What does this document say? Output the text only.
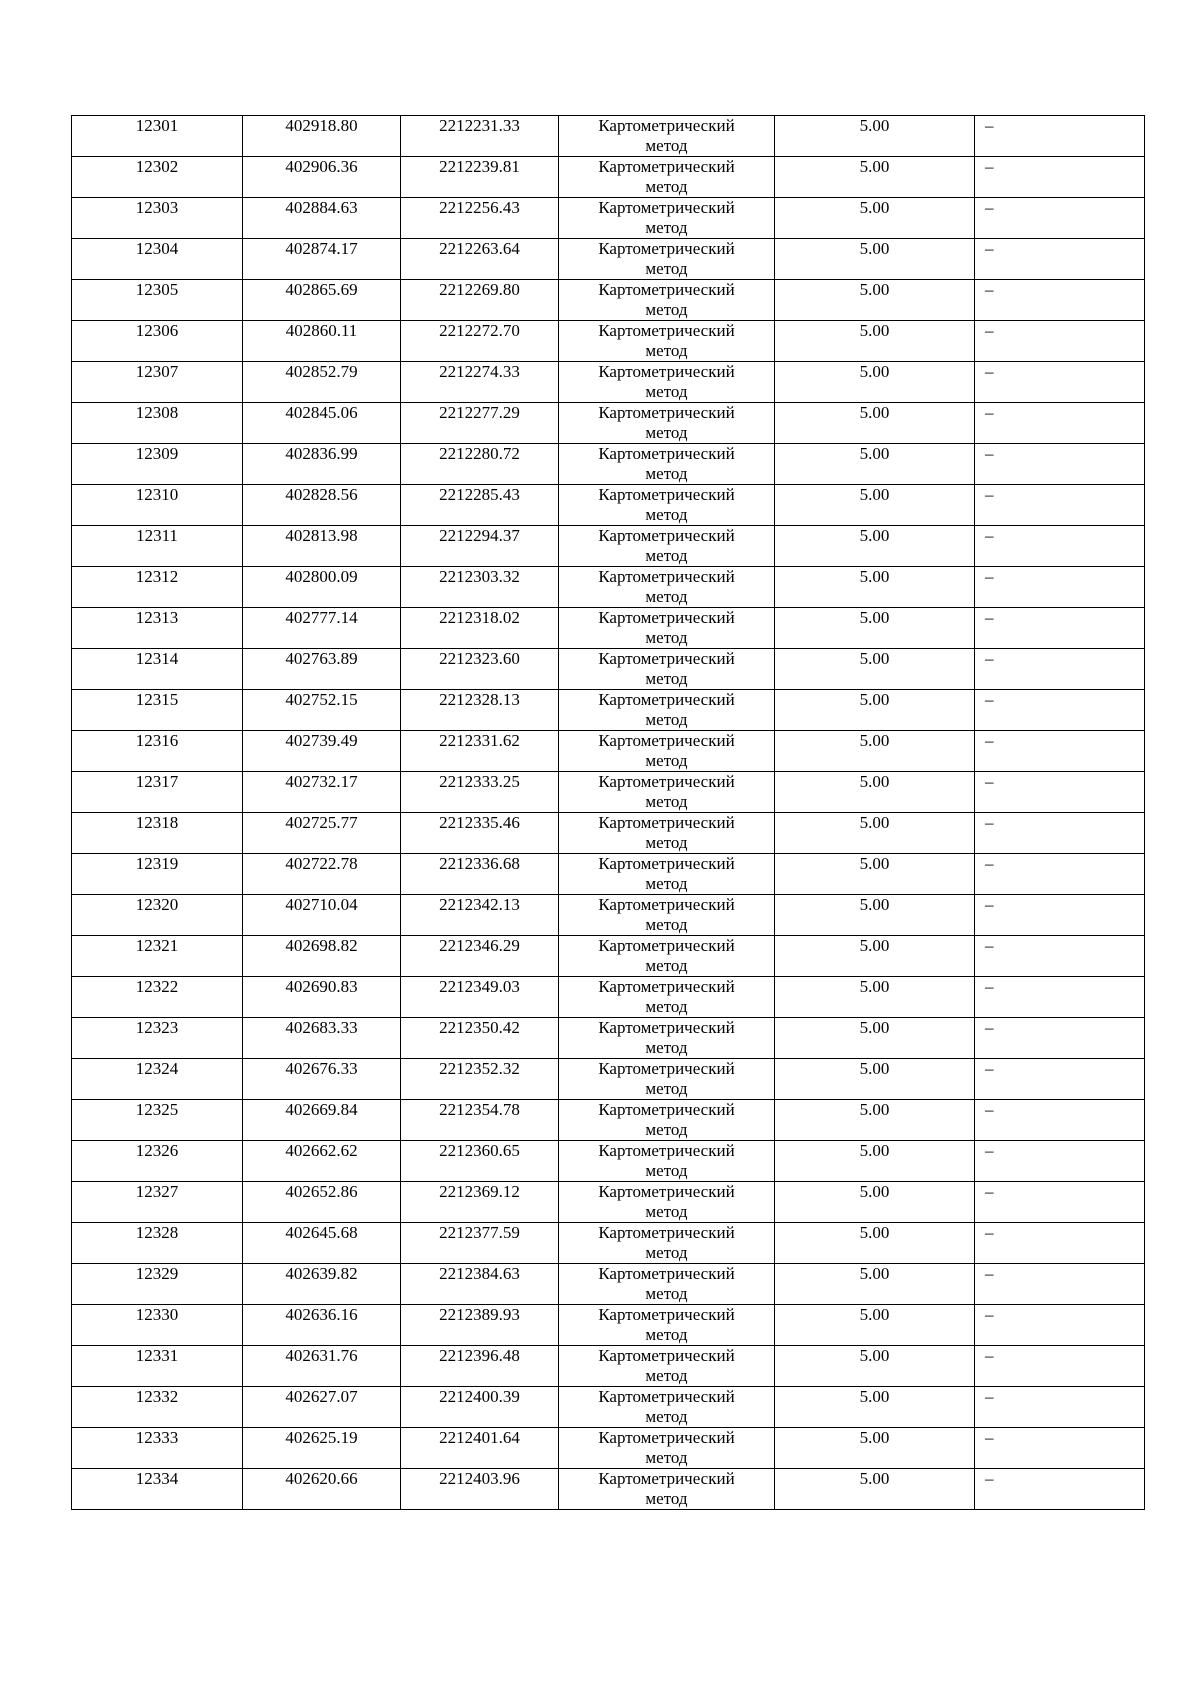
12301	402918.80	2212231.33	Картометрический
метод	5.00	–
12302	402906.36	2212239.81	Картометрический
метод	5.00	–
12303	402884.63	2212256.43	Картометрический
метод	5.00	–
12304	402874.17	2212263.64	Картометрический
метод	5.00	–
12305	402865.69	2212269.80	Картометрический
метод	5.00	–
12306	402860.11	2212272.70	Картометрический
метод	5.00	–
12307	402852.79	2212274.33	Картометрический
метод	5.00	–
12308	402845.06	2212277.29	Картометрический
метод	5.00	–
12309	402836.99	2212280.72	Картометрический
метод	5.00	–
12310	402828.56	2212285.43	Картометрический
метод	5.00	–
12311	402813.98	2212294.37	Картометрический
метод	5.00	–
12312	402800.09	2212303.32	Картометрический
метод	5.00	–
12313	402777.14	2212318.02	Картометрический
метод	5.00	–
12314	402763.89	2212323.60	Картометрический
метод	5.00	–
12315	402752.15	2212328.13	Картометрический
метод	5.00	–
12316	402739.49	2212331.62	Картометрический
метод	5.00	–
12317	402732.17	2212333.25	Картометрический
метод	5.00	–
12318	402725.77	2212335.46	Картометрический
метод	5.00	–
12319	402722.78	2212336.68	Картометрический
метод	5.00	–
12320	402710.04	2212342.13	Картометрический
метод	5.00	–
12321	402698.82	2212346.29	Картометрический
метод	5.00	–
12322	402690.83	2212349.03	Картометрический
метод	5.00	–
12323	402683.33	2212350.42	Картометрический
метод	5.00	–
12324	402676.33	2212352.32	Картометрический
метод	5.00	–
12325	402669.84	2212354.78	Картометрический
метод	5.00	–
12326	402662.62	2212360.65	Картометрический
метод	5.00	–
12327	402652.86	2212369.12	Картометрический
метод	5.00	–
12328	402645.68	2212377.59	Картометрический
метод	5.00	–
12329	402639.82	2212384.63	Картометрический
метод	5.00	–
12330	402636.16	2212389.93	Картометрический
метод	5.00	–
12331	402631.76	2212396.48	Картометрический
метод	5.00	–
12332	402627.07	2212400.39	Картометрический
метод	5.00	–
12333	402625.19	2212401.64	Картометрический
метод	5.00	–
12334	402620.66	2212403.96	Картометрический
метод	5.00	–
